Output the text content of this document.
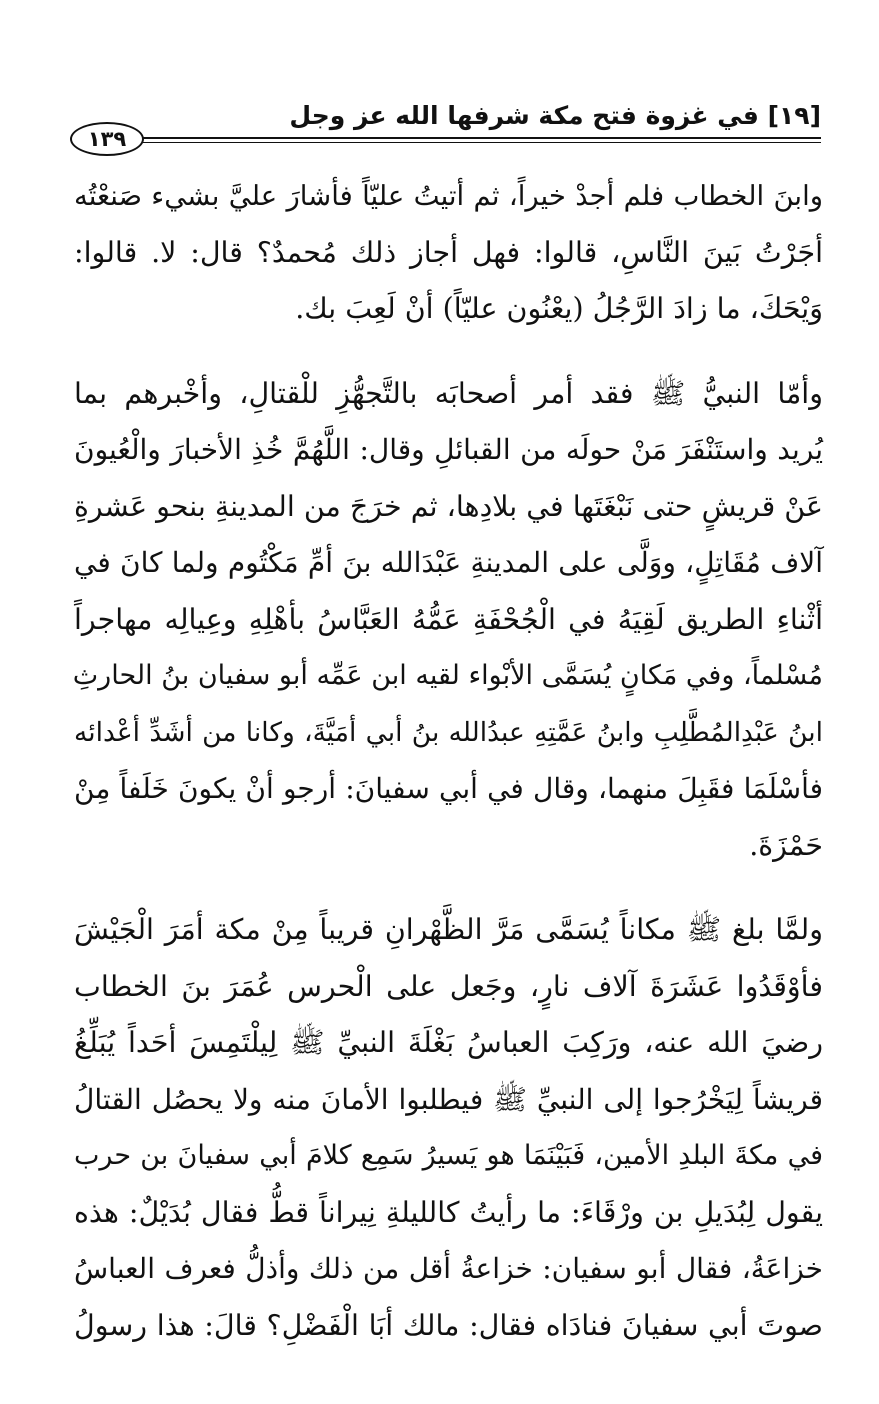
[١٩] في غزوة فتح مكة شرفها الله عز وجل
١٣٩
وابنَ الخطاب فلم أجدْ خيراً، ثم أتيتُ عليّاً فأشارَ عليَّ بشيء صَنعْتُه
أجَرْتُ بَينَ النَّاسِ، قالوا: فهل أجاز ذلك مُحمدٌ؟ قال: لا. قالوا:
وَيْحَكَ، ما زادَ الرَّجُلُ (يعْنُون عليّاً) أنْ لَعِبَ بك.
وأمّا النبيُّ ﷺ فقد أمر أصحابَه بالتَّجهُّزِ للْقتالِ، وأخْبرهم بما
يُريد واستَنْفَرَ مَنْ حولَه من القبائلِ وقال: اللَّهُمَّ خُذِ الأخبارَ والْعُيونَ
عَنْ قريشٍ حتى نَبْغَتَها في بلادِها، ثم خرَجَ من المدينةِ بنحو عَشرةِ
آلاف مُقَاتِلٍ، ووَلَّى على المدينةِ عَبْدَالله بنَ أمِّ مَكْتُوم ولما كانَ في
أثْناءِ الطريق لَقِيَهُ في الْجُحْفَةِ عَمُّهُ العَبَّاسُ بأهْلِهِ وعِيالِه مهاجراً
مُسْلماً، وفي مَكانٍ يُسَمَّى الأبْواء لقيه ابن عَمِّه أبو سفيان بنُ الحارثِ
ابنُ عَبْدِالمُطَّلِبِ وابنُ عَمَّتِهِ عبدُالله بنُ أبي أمَيَّةَ، وكانا من أشَدِّ أعْدائه
فأسْلَمَا فقَبِلَ منهما، وقال في أبي سفيانَ: أرجو أنْ يكونَ خَلَفاً مِنْ
حَمْزَةَ.
ولمَّا بلغ ﷺ مكاناً يُسَمَّى مَرَّ الظَّهْرانِ قريباً مِنْ مكة أمَرَ الْجَيْشَ
فأوْقَدُوا عَشَرَةَ آلاف نارٍ، وجَعل على الْحرس عُمَرَ بنَ الخطاب
رضيَ الله عنه، ورَكِبَ العباسُ بَغْلَةَ النبيِّ ﷺ لِيلْتَمِسَ أحَداً يُبَلِّغُ
قريشاً لِيَخْرُجوا إلى النبيِّ ﷺ فيطلبوا الأمانَ منه ولا يحصُل القتالُ
في مكةَ البلدِ الأمين، فَبَيْنَمَا هو يَسيرُ سَمِع كلامَ أبي سفيانَ بن حرب
يقول لِبُدَيلِ بن ورْقَاءَ: ما رأيتُ كالليلةِ نِيراناً قطُّ فقال بُدَيْلٌ: هذه
خزاعَةُ، فقال أبو سفيان: خزاعةُ أقل من ذلك وأذلُّ فعرف العباسُ
صوتَ أبي سفيانَ فنادَاه فقال: مالك أبَا الْفَضْلِ؟ قالَ: هذا رسولُ
